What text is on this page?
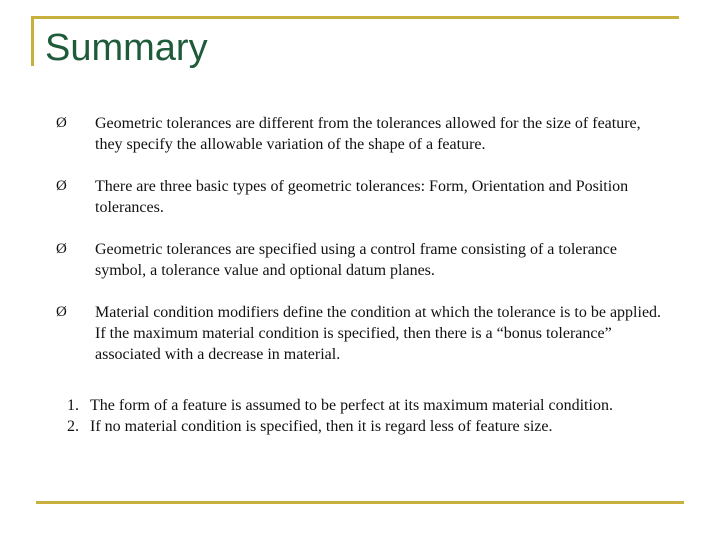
Summary
Ø Geometric tolerances are different from the tolerances allowed for the size of feature, they specify the allowable variation of the shape of a feature.
Ø There are three basic types of geometric tolerances: Form, Orientation and Position tolerances.
Ø Geometric tolerances are specified using a control frame consisting of a tolerance symbol, a tolerance value and optional datum planes.
Ø Material condition modifiers define the condition at which the tolerance is to be applied. If the maximum material condition is specified, then there is a “bonus tolerance” associated with a decrease in material.
1. The form of a feature is assumed to be perfect at its maximum material condition.
2. If no material condition is specified, then it is regard less of feature size.
